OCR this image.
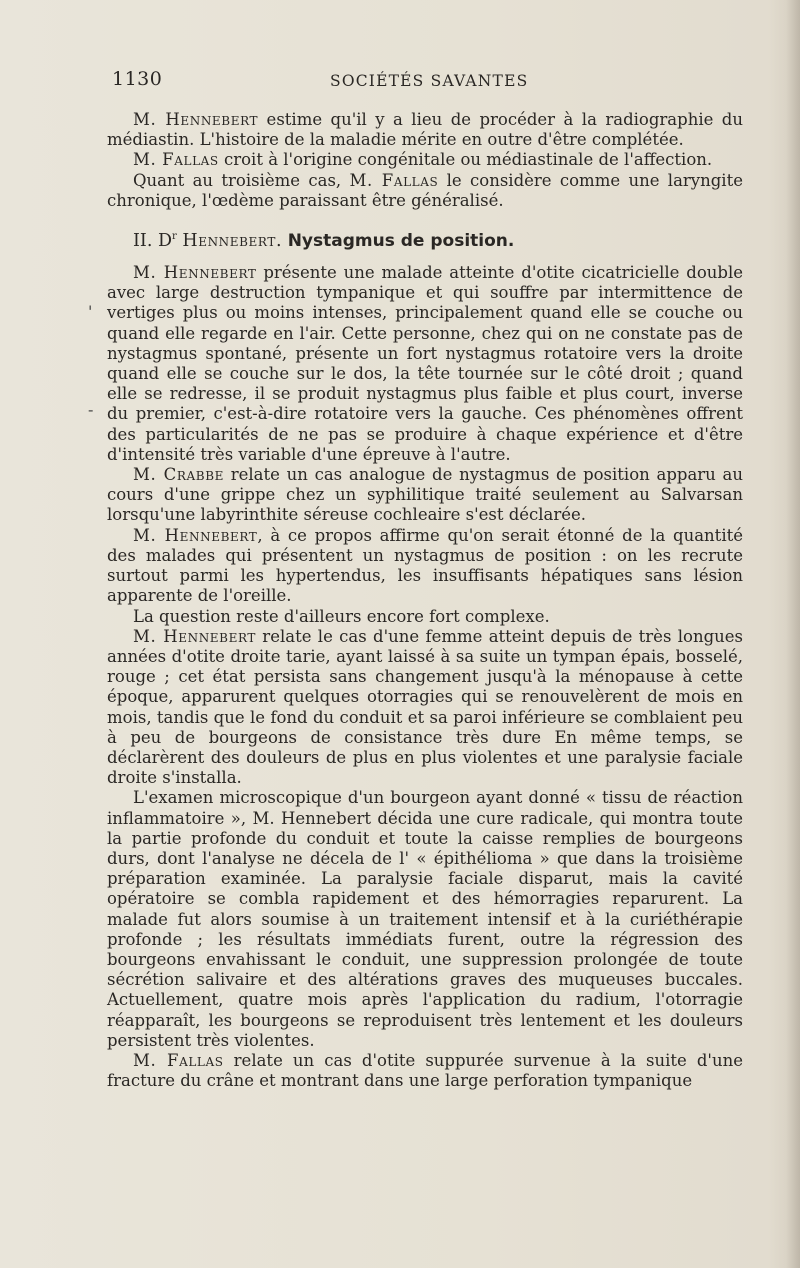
1130	SOCIÉTÉS SAVANTES
'
-

M. Hennebert estime qu'il y a lieu de procéder à la radiographie du médiastin. L'histoire de la maladie mérite en outre d'être complétée.

M. Fallas croit à l'origine congénitale ou médiastinale de l'affection.

Quant au troisième cas, M. Fallas le considère comme une laryngite chronique, l'œdème paraissant être généralisé.

II. $D^r$ Hennebert. Nystagmus de position.

M. Hennebert présente une malade atteinte d'otite cicatricielle double avec large destruction tympanique et qui souffre par intermittence de vertiges plus ou moins intenses, principalement quand elle se couche ou quand elle regarde en l'air. Cette personne, chez qui on ne constate pas de nystagmus spontané, présente un fort nystagmus rotatoire vers la droite quand elle se couche sur le dos, la tête tournée sur le côté droit ; quand elle se redresse, il se produit nystagmus plus faible et plus court, inverse du premier, c'est-à-dire rotatoire vers la gauche. Ces phénomènes offrent des particularités de ne pas se produire à chaque expérience et d'être d'intensité très variable d'une épreuve à l'autre.

M. Crabbe relate un cas analogue de nystagmus de position apparu au cours d'une grippe chez un syphilitique traité seulement au Salvarsan lorsqu'une labyrinthite séreuse cochleaire s'est déclarée.

M. Hennebert, à ce propos affirme qu'on serait étonné de la quantité des malades qui présentent un nystagmus de position : on les recrute surtout parmi les hypertendus, les insuffisants hépatiques sans lésion apparente de l'oreille.

La question reste d'ailleurs encore fort complexe.

M. Hennebert relate le cas d'une femme atteint depuis de très longues années d'otite droite tarie, ayant laissé à sa suite un tympan épais, bosselé, rouge ; cet état persista sans changement jusqu'à la ménopause à cette époque, apparurent quelques otorragies qui se renouvelèrent de mois en mois, tandis que le fond du conduit et sa paroi inférieure se comblaient peu à peu de bourgeons de consistance très dure En même temps, se déclarèrent des douleurs de plus en plus violentes et une paralysie faciale droite s'installa.

L'examen microscopique d'un bourgeon ayant donné « tissu de réaction inflammatoire », M. Hennebert décida une cure radicale, qui montra toute la partie profonde du conduit et toute la caisse remplies de bourgeons durs, dont l'analyse ne décela de l' « épithélioma » que dans la troisième préparation examinée. La paralysie faciale disparut, mais la cavité opératoire se combla rapidement et des hémorragies reparurent. La malade fut alors soumise à un traitement intensif et à la curiéthérapie profonde ; les résultats immédiats furent, outre la régression des bourgeons envahissant le conduit, une suppression prolongée de toute sécrétion salivaire et des altérations graves des muqueuses buccales. Actuellement, quatre mois après l'application du radium, l'otorragie réapparaît, les bourgeons se reproduisent très lentement et les douleurs persistent très violentes.

M. Fallas relate un cas d'otite suppurée survenue à la suite d'une fracture du crâne et montrant dans une large perforation tympanique
